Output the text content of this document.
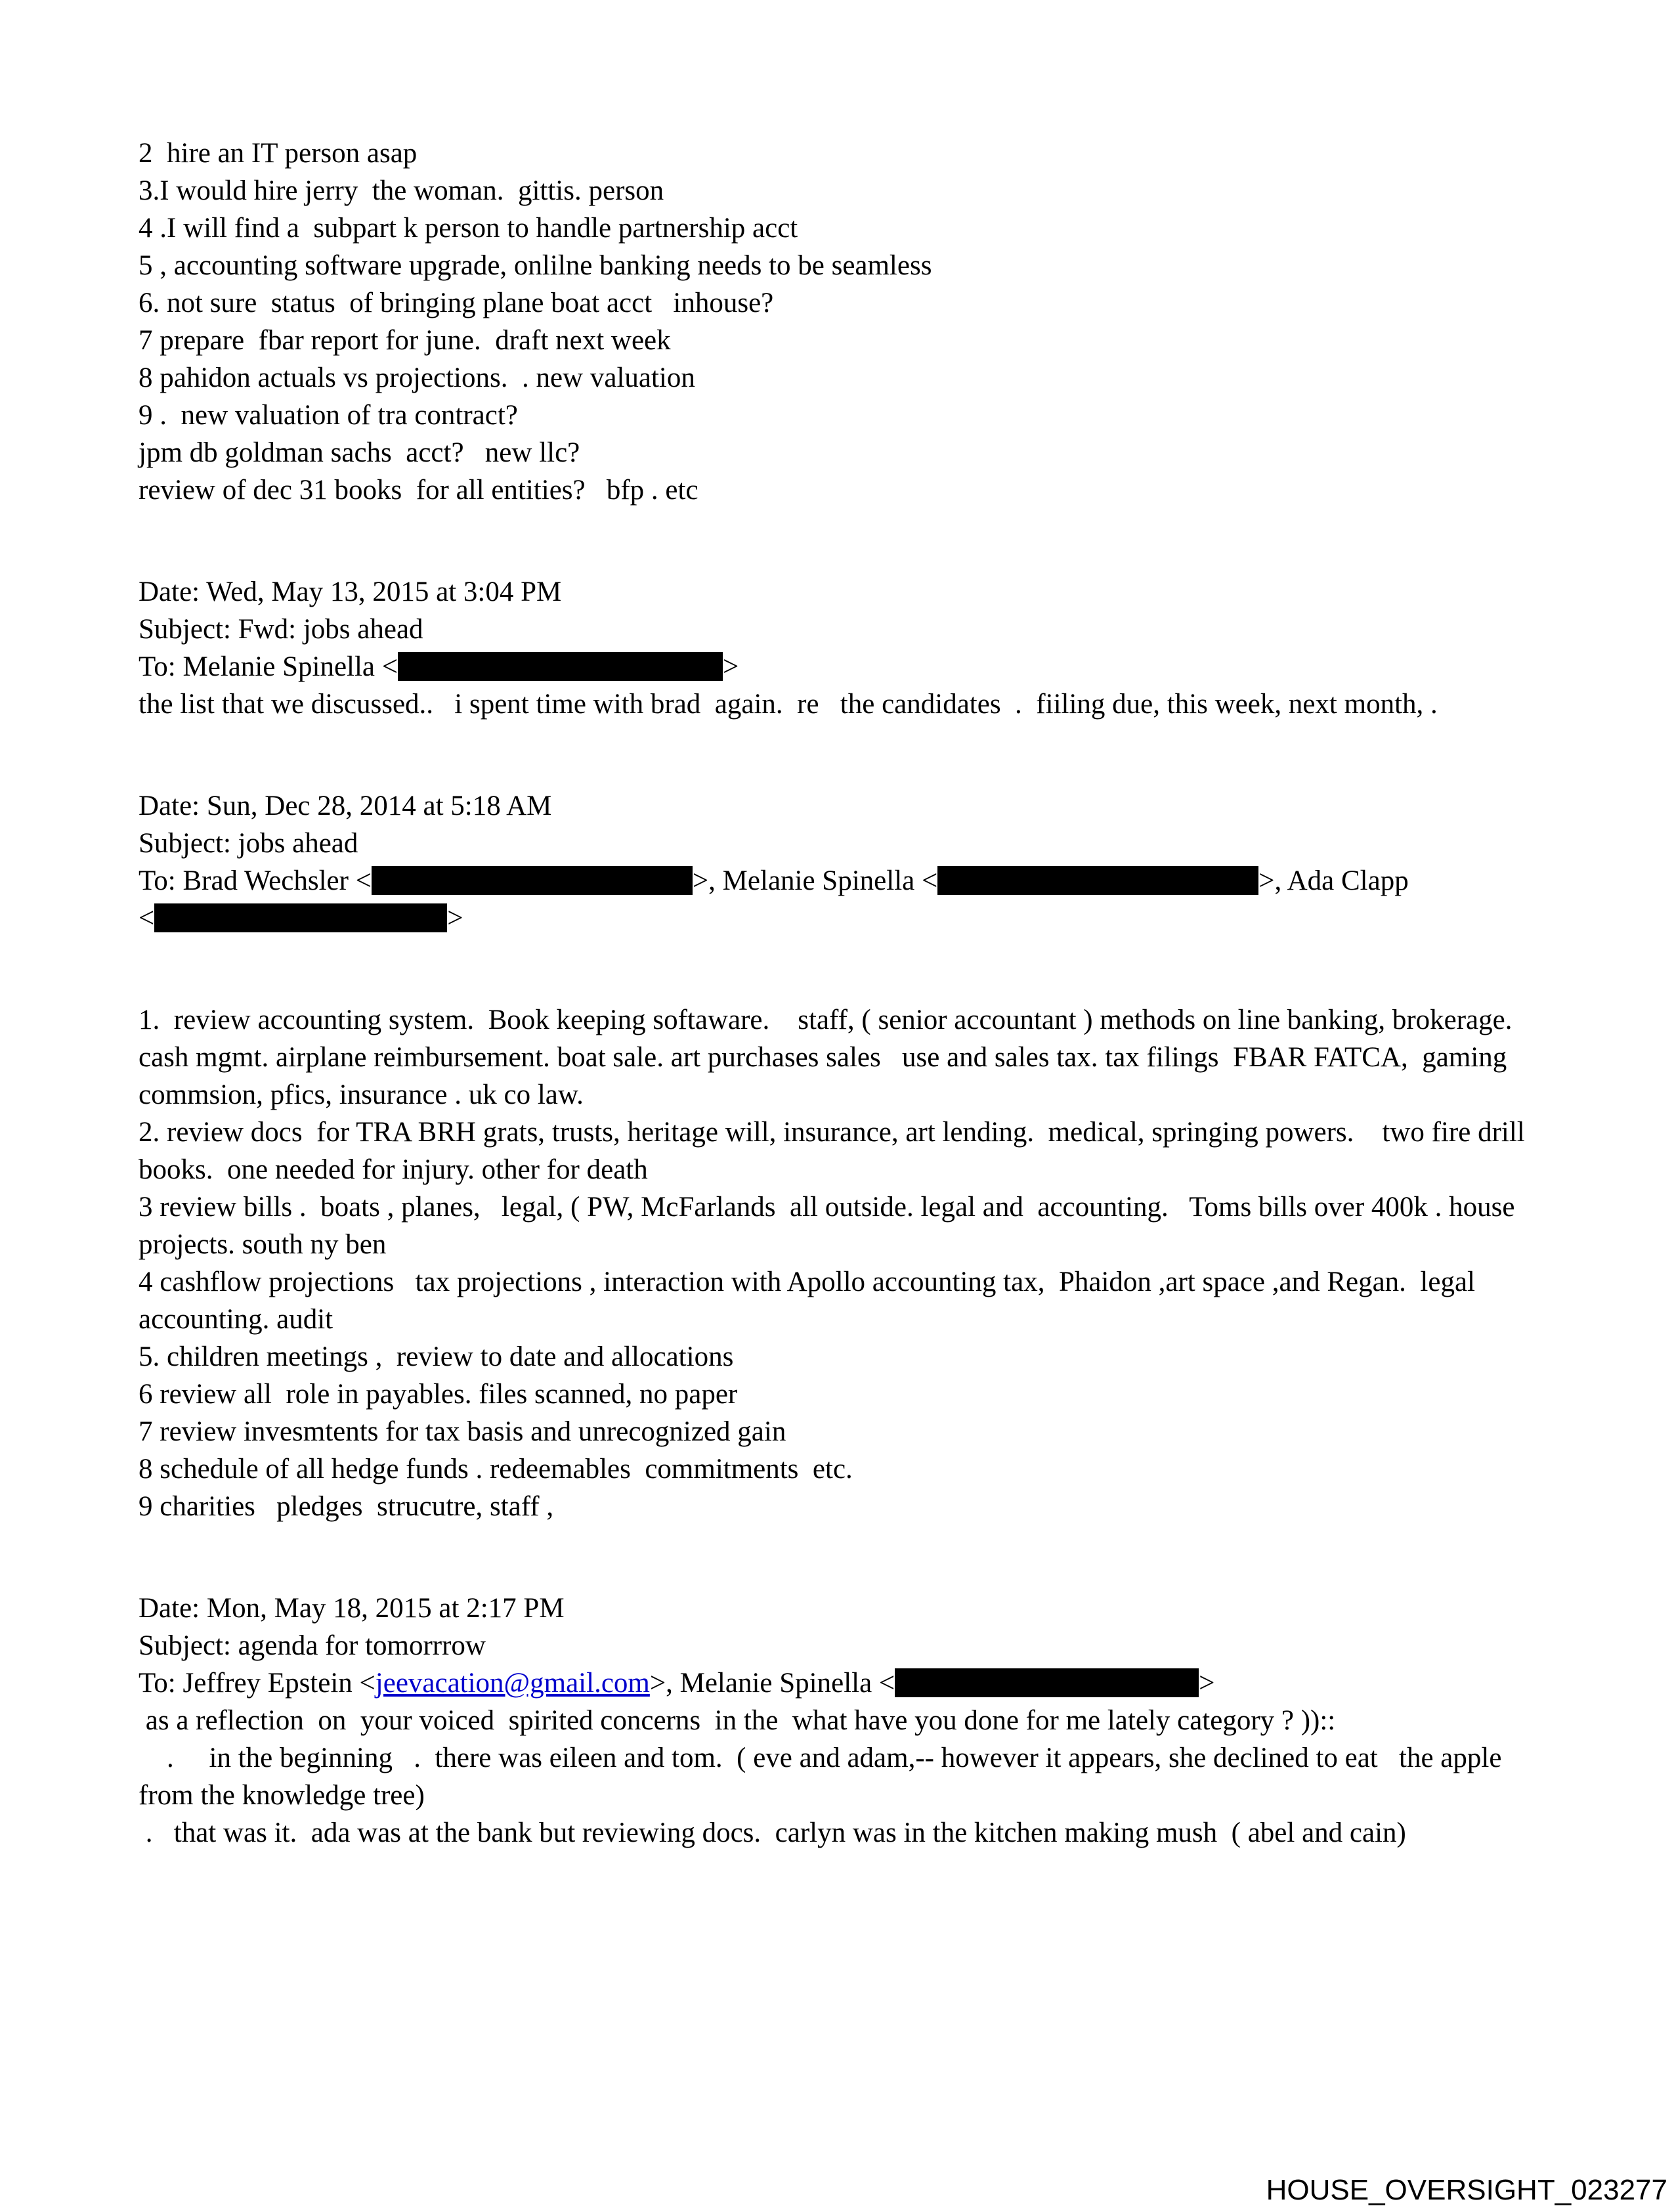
2  hire an IT person asap
3.I would hire jerry  the woman.  gittis. person
4 .I will find a  subpart k person to handle partnership acct
5 , accounting software upgrade, onlilne banking needs to be seamless
6. not sure  status  of bringing plane boat acct   inhouse?
7 prepare  fbar report for june.  draft next week
8 pahidon actuals vs projections.  . new valuation
9 .  new valuation of tra contract?
jpm db goldman sachs  acct?   new llc?
review of dec 31 books  for all entities?   bfp . etc
Date: Wed, May 13, 2015 at 3:04 PM
Subject: Fwd: jobs ahead
To: Melanie Spinella <	>
the list that we discussed..   i spent time with brad  again.  re   the candidates  .  fiiling due, this week, next month, .
Date: Sun, Dec 28, 2014 at 5:18 AM
Subject: jobs ahead
To: Brad Wechsler <	>, Melanie Spinella <	>, Ada Clapp
<	>
1.  review accounting system.  Book keeping softaware.    staff, ( senior accountant ) methods on line banking, brokerage. cash mgmt. airplane reimbursement. boat sale. art purchases sales   use and sales tax. tax filings  FBAR FATCA,  gaming commsion, pfics, insurance . uk co law.
2. review docs  for TRA BRH grats, trusts, heritage will, insurance, art lending.  medical, springing powers.    two fire drill books.  one needed for injury. other for death
3 review bills .  boats , planes,   legal, ( PW, McFarlands  all outside. legal and  accounting.   Toms bills over 400k . house projects. south ny ben
4 cashflow projections   tax projections , interaction with Apollo accounting tax,  Phaidon ,art space ,and Regan.  legal accounting. audit
5. children meetings ,  review to date and allocations
6 review all  role in payables. files scanned, no paper
7 review invesmtents for tax basis and unrecognized gain
8 schedule of all hedge funds . redeemables  commitments  etc.
9 charities   pledges  strucutre, staff ,
Date: Mon, May 18, 2015 at 2:17 PM
Subject: agenda for tomorrrow
To: Jeffrey Epstein <jeevacation@gmail.com>, Melanie Spinella <	>
as a reflection  on  your voiced  spirited concerns  in the  what have you done for me lately category ? ))::
.     in the beginning   .  there was eileen and tom.  ( eve and adam,-- however it appears, she declined to eat   the apple from the knowledge tree)
.   that was it.  ada was at the bank but reviewing docs.  carlyn was in the kitchen making mush  ( abel and cain)
HOUSE_OVERSIGHT_023277
